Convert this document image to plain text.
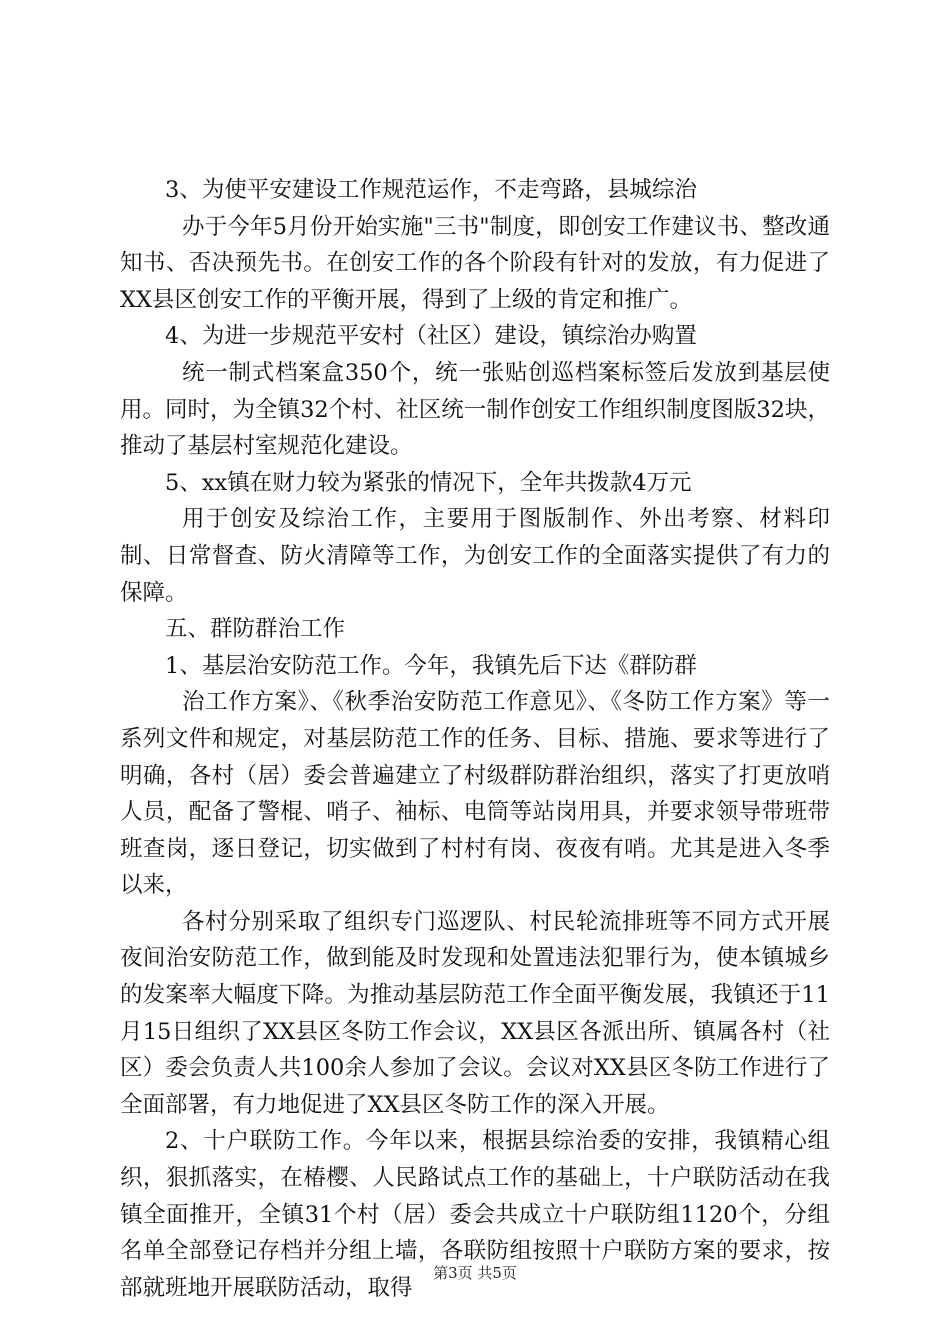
3、为使平安建设工作规范运作，不走弯路，县城综治

办于今年5月份开始实施"三书"制度，即创安工作建议书、整改通知书、否决预先书。在创安工作的各个阶段有针对的发放，有力促进了XX县区创安工作的平衡开展，得到了上级的肯定和推广。

4、为进一步规范平安村（社区）建设，镇综治办购置

统一制式档案盒350个，统一张贴创巡档案标签后发放到基层使用。同时，为全镇32个村、社区统一制作创安工作组织制度图版32块，推动了基层村室规范化建设。

5、xx镇在财力较为紧张的情况下，全年共拨款4万元

用于创安及综治工作，主要用于图版制作、外出考察、材料印制、日常督查、防火清障等工作，为创安工作的全面落实提供了有力的保障。

五、群防群治工作

1、基层治安防范工作。今年，我镇先后下达《群防群

治工作方案》、《秋季治安防范工作意见》、《冬防工作方案》等一系列文件和规定，对基层防范工作的任务、目标、措施、要求等进行了明确，各村（居）委会普遍建立了村级群防群治组织，落实了打更放哨人员，配备了警棍、哨子、袖标、电筒等站岗用具，并要求领导带班带班查岗，逐日登记，切实做到了村村有岗、夜夜有哨。尤其是进入冬季以来，

各村分别采取了组织专门巡逻队、村民轮流排班等不同方式开展夜间治安防范工作，做到能及时发现和处置违法犯罪行为，使本镇城乡的发案率大幅度下降。为推动基层防范工作全面平衡发展，我镇还于11月15日组织了XX县区冬防工作会议，XX县区各派出所、镇属各村（社区）委会负责人共100余人参加了会议。会议对XX县区冬防工作进行了全面部署，有力地促进了XX县区冬防工作的深入开展。

2、十户联防工作。今年以来，根据县综治委的安排，我镇精心组织，狠抓落实，在椿樱、人民路试点工作的基础上，十户联防活动在我镇全面推开，全镇31个村（居）委会共成立十户联防组1120个，分组名单全部登记存档并分组上墙，各联防组按照十户联防方案的要求，按部就班地开展联防活动，取得

第3页 共5页
